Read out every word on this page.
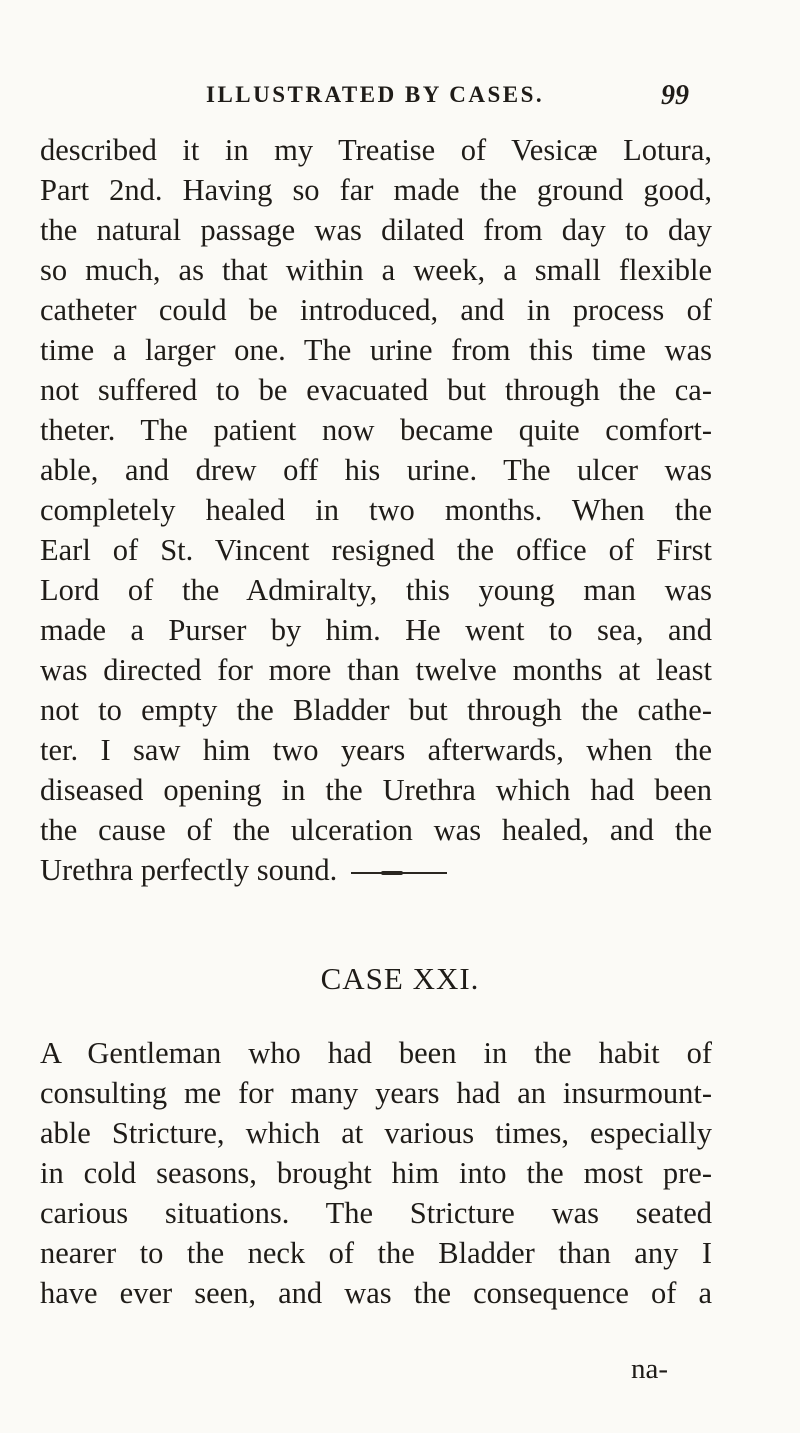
ILLUSTRATED BY CASES.	99
described it in my Treatise of Vesicæ Lotura,
Part 2nd. Having so far made the ground good,
the natural passage was dilated from day to day
so much, as that within a week, a small flexible
catheter could be introduced, and in process of
time a larger one. The urine from this time was
not suffered to be evacuated but through the ca-
theter. The patient now became quite comfort-
able, and drew off his urine. The ulcer was
completely healed in two months. When the
Earl of St. Vincent resigned the office of First
Lord of the Admiralty, this young man was
made a Purser by him. He went to sea, and
was directed for more than twelve months at least
not to empty the Bladder but through the cathe-
ter. I saw him two years afterwards, when the
diseased opening in the Urethra which had been
the cause of the ulceration was healed, and the
Urethra perfectly sound.
CASE XXI.
A Gentleman who had been in the habit of
consulting me for many years had an insurmount-
able Stricture, which at various times, especially
in cold seasons, brought him into the most pre-
carious situations. The Stricture was seated
nearer to the neck of the Bladder than any I
have ever seen, and was the consequence of a
na-
